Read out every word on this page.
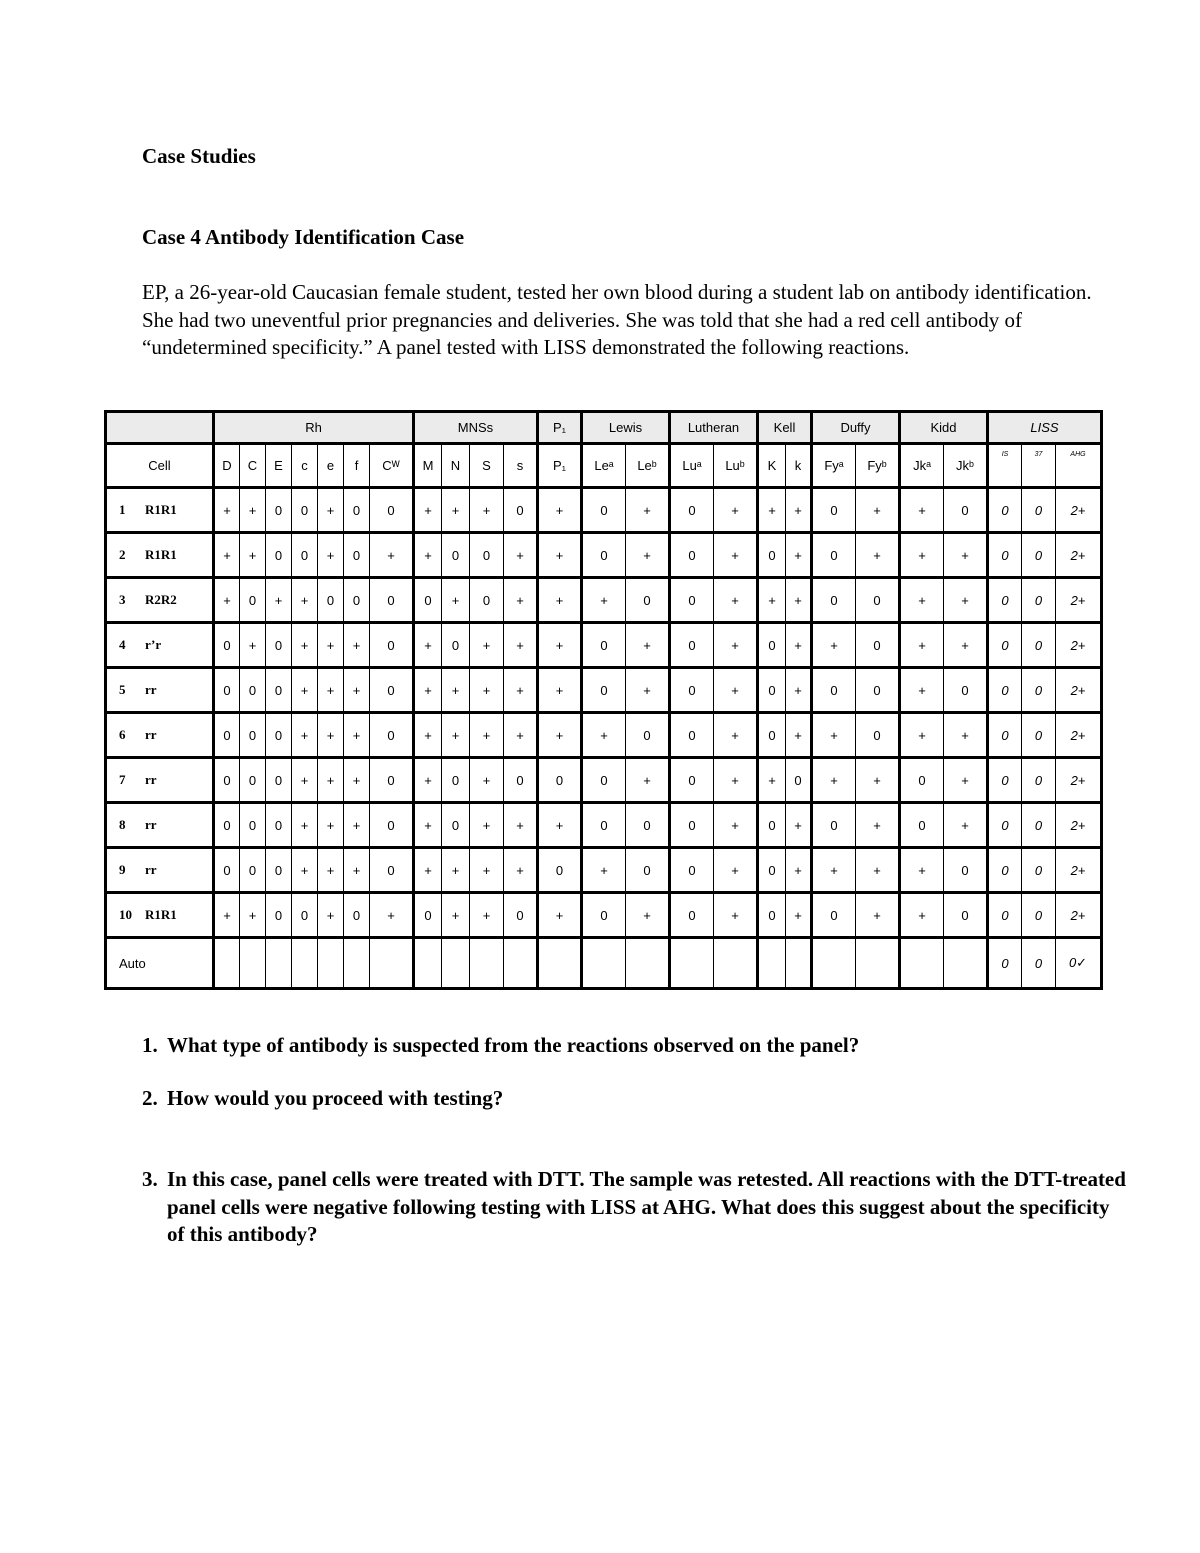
Case Studies
Case 4 Antibody Identification Case
EP, a 26-year-old Caucasian female student, tested her own blood during a student lab on antibody identification. She had two uneventful prior pregnancies and deliveries. She was told that she had a red cell antibody of “undetermined specificity.” A panel tested with LISS demonstrated the following reactions.
	Rh							MNSs				P₁	Lewis		Lutheran		Kell		Duffy		Kidd		LISS		
Cell	D	C	E	c	e	f	Cᵂ	M	N	S	s	P₁	Leᵃ	Leᵇ	Luᵃ	Luᵇ	K	k	Fyᵃ	Fyᵇ	Jkᵃ	Jkᵇ	IS	37	AHG
1 R1R1	+	+	0	0	+	0	0	+	+	+	0	+	0	+	0	+	+	+	0	+	+	0	0	0	2+
2 R1R1	+	+	0	0	+	0	+	+	0	0	+	+	0	+	0	+	0	+	0	+	+	+	0	0	2+
3 R2R2	+	0	+	+	0	0	0	0	+	0	+	+	+	0	0	+	+	+	0	0	+	+	0	0	2+
4 r’r	0	+	0	+	+	+	0	+	0	+	+	+	0	+	0	+	0	+	+	0	+	+	0	0	2+
5 rr	0	0	0	+	+	+	0	+	+	+	+	+	0	+	0	+	0	+	0	0	+	0	0	0	2+
6 rr	0	0	0	+	+	+	0	+	+	+	+	+	+	0	0	+	0	+	+	0	+	+	0	0	2+
7 rr	0	0	0	+	+	+	0	+	0	+	0	0	0	+	0	+	+	0	+	+	0	+	0	0	2+
8 rr	0	0	0	+	+	+	0	+	0	+	+	+	0	0	0	+	0	+	0	+	0	+	0	0	2+
9 rr	0	0	0	+	+	+	0	+	+	+	+	0	+	0	0	+	0	+	+	+	+	0	0	0	2+
10 R1R1	+	+	0	0	+	0	+	0	+	+	0	+	0	+	0	+	0	+	0	+	+	0	0	0	2+
Auto																							0	0	0✓
1. What type of antibody is suspected from the reactions observed on the panel?
2. How would you proceed with testing?
3. In this case, panel cells were treated with DTT. The sample was retested. All reactions with the DTT-treated panel cells were negative following testing with LISS at AHG. What does this suggest about the specificity of this antibody?
